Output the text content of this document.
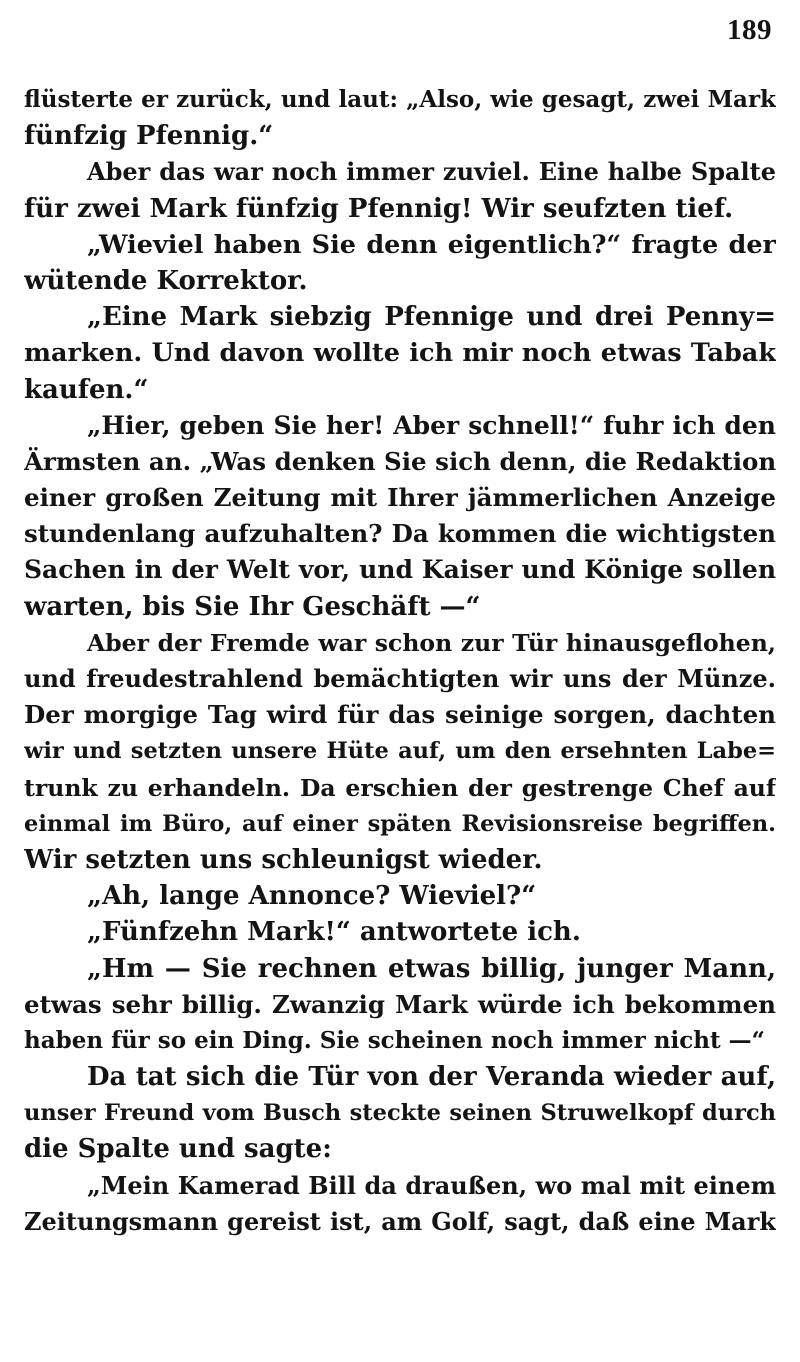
189
flüsterte er zurück, und laut: „Also, wie gesagt, zwei Mark
fünfzig Pfennig.“
Aber das war noch immer zuviel. Eine halbe Spalte
für zwei Mark fünfzig Pfennig! Wir seufzten tief.
„Wieviel haben Sie denn eigentlich?“ fragte der
wütende Korrektor.
„Eine Mark siebzig Pfennige und drei Penny=
marken. Und davon wollte ich mir noch etwas Tabak
kaufen.“
„Hier, geben Sie her! Aber schnell!“ fuhr ich den
Ärmsten an. „Was denken Sie sich denn, die Redaktion
einer großen Zeitung mit Ihrer jämmerlichen Anzeige
stundenlang aufzuhalten? Da kommen die wichtigsten
Sachen in der Welt vor, und Kaiser und Könige sollen
warten, bis Sie Ihr Geschäft —“
Aber der Fremde war schon zur Tür hinausgeflohen,
und freudestrahlend bemächtigten wir uns der Münze.
Der morgige Tag wird für das seinige sorgen, dachten
wir und setzten unsere Hüte auf, um den ersehnten Labe=
trunk zu erhandeln. Da erschien der gestrenge Chef auf
einmal im Büro, auf einer späten Revisionsreise begriffen.
Wir setzten uns schleunigst wieder.
„Ah, lange Annonce? Wieviel?“
„Fünfzehn Mark!“ antwortete ich.
„Hm — Sie rechnen etwas billig, junger Mann,
etwas sehr billig. Zwanzig Mark würde ich bekommen
haben für so ein Ding. Sie scheinen noch immer nicht —“
Da tat sich die Tür von der Veranda wieder auf,
unser Freund vom Busch steckte seinen Struwelkopf durch
die Spalte und sagte:
„Mein Kamerad Bill da draußen, wo mal mit einem
Zeitungsmann gereist ist, am Golf, sagt, daß eine Mark
